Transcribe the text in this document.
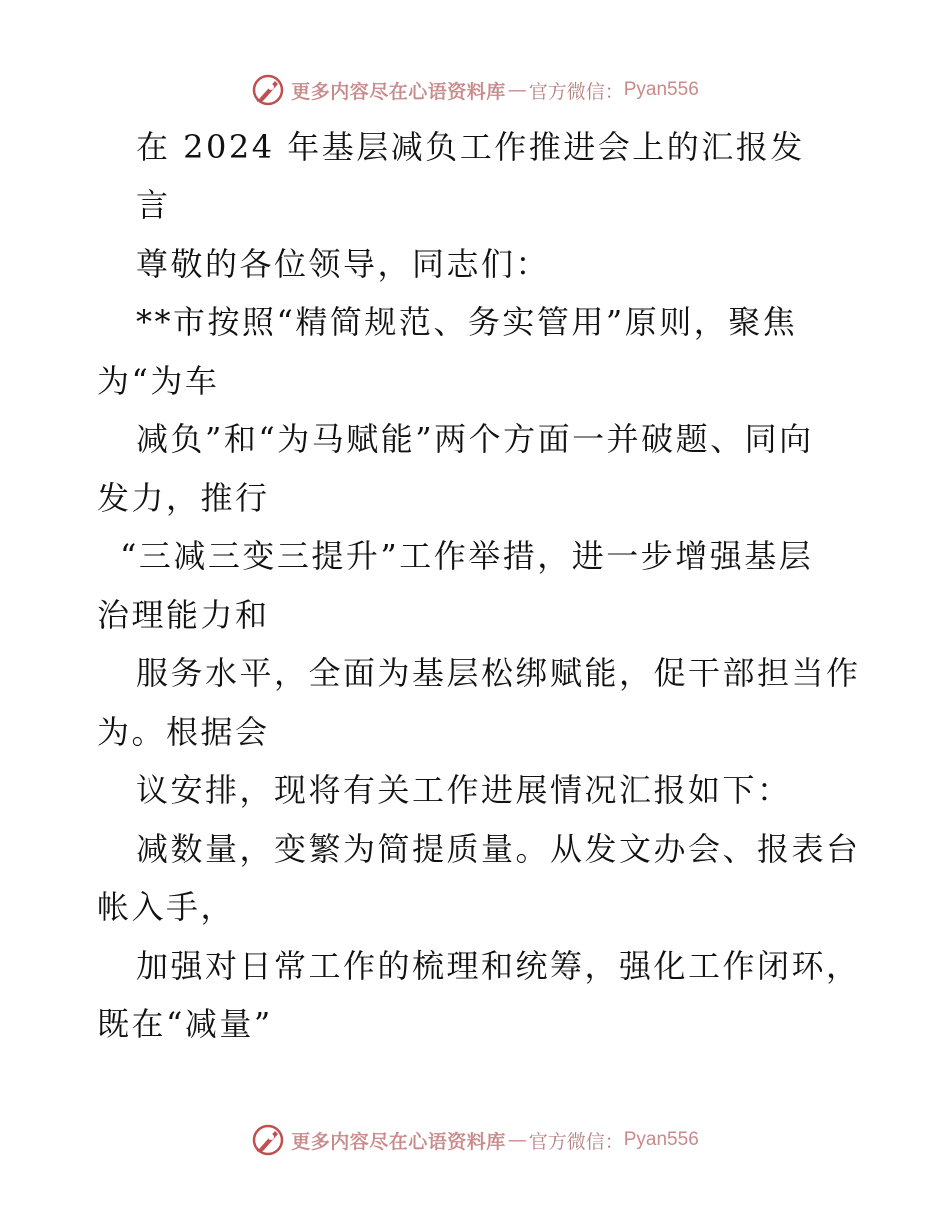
更多内容尽在心语资料库 — 官方微信： Pyan556
在 2024 年基层减负工作推进会上的汇报发
言
尊敬的各位领导，同志们：
**市按照“精简规范、务实管用”原则，聚焦
为“为车
减负”和“为马赋能”两个方面一并破题、同向
发力，推行
“三减三变三提升”工作举措，进一步增强基层
治理能力和
服务水平，全面为基层松绑赋能，促干部担当作
为。根据会
议安排，现将有关工作进展情况汇报如下：
减数量，变繁为简提质量。从发文办会、报表台
帐入手，
加强对日常工作的梳理和统筹，强化工作闭环，
既在“减量”
更多内容尽在心语资料库 — 官方微信： Pyan556
